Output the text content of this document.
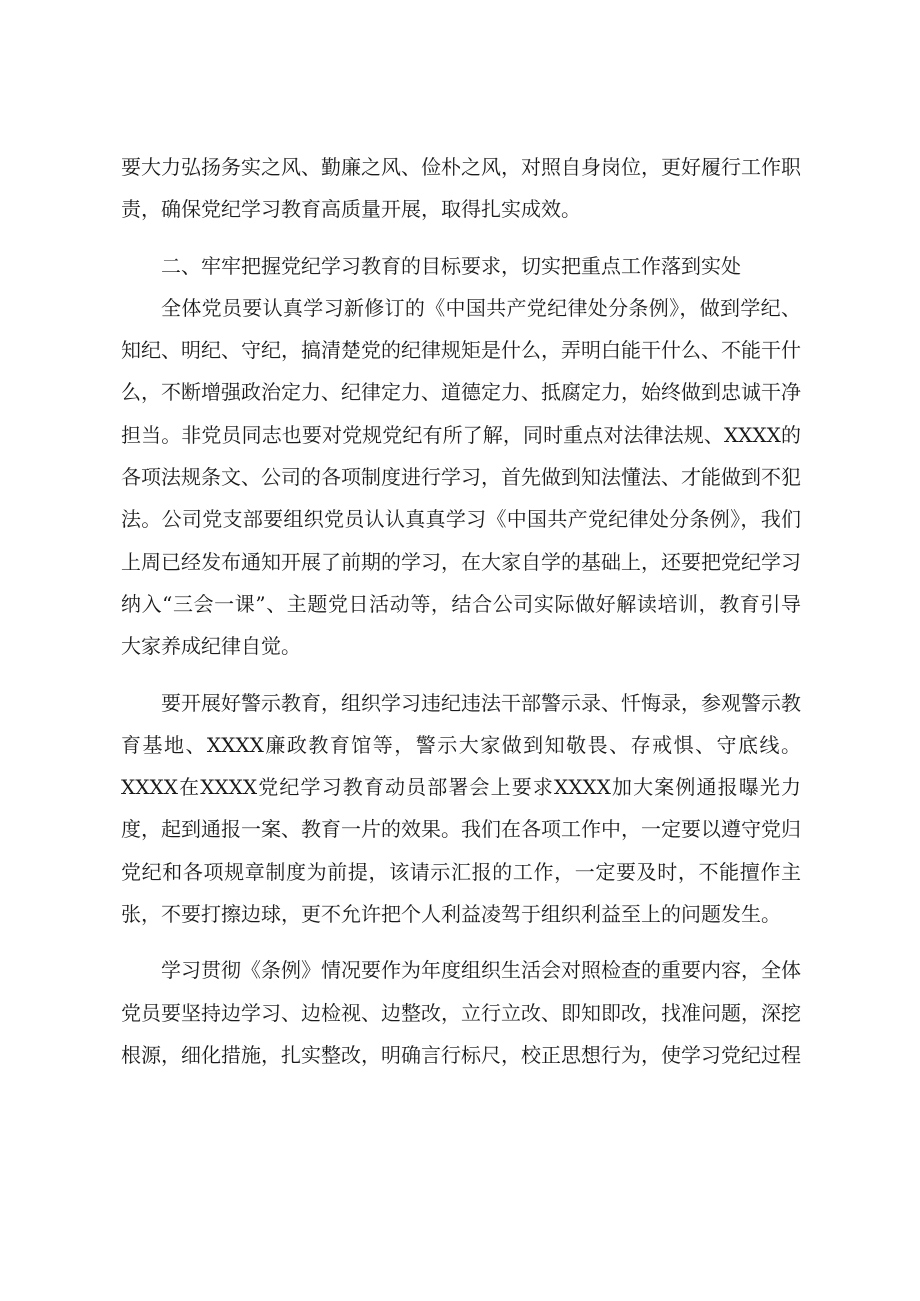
要大力弘扬务实之风、勤廉之风、俭朴之风，对照自身岗位，更好履行工作职责，确保党纪学习教育高质量开展，取得扎实成效。

二、牢牢把握党纪学习教育的目标要求，切实把重点工作落到实处

全体党员要认真学习新修订的《中国共产党纪律处分条例》，做到学纪、知纪、明纪、守纪，搞清楚党的纪律规矩是什么，弄明白能干什么、不能干什么，不断增强政治定力、纪律定力、道德定力、抵腐定力，始终做到忠诚干净担当。非党员同志也要对党规党纪有所了解，同时重点对法律法规、XXXX的各项法规条文、公司的各项制度进行学习，首先做到知法懂法、才能做到不犯法。公司党支部要组织党员认认真真学习《中国共产党纪律处分条例》，我们上周已经发布通知开展了前期的学习，在大家自学的基础上，还要把党纪学习纳入“三会一课”、主题党日活动等，结合公司实际做好解读培训，教育引导大家养成纪律自觉。

要开展好警示教育，组织学习违纪违法干部警示录、忏悔录，参观警示教育基地、XXXX廉政教育馆等，警示大家做到知敬畏、存戒惧、守底线。XXXX在XXXX党纪学习教育动员部署会上要求XXXX加大案例通报曝光力度，起到通报一案、教育一片的效果。我们在各项工作中，一定要以遵守党归党纪和各项规章制度为前提，该请示汇报的工作，一定要及时，不能擅作主张，不要打擦边球，更不允许把个人利益凌驾于组织利益至上的问题发生。

学习贯彻《条例》情况要作为年度组织生活会对照检查的重要内容，全体党员要坚持边学习、边检视、边整改，立行立改、即知即改，找准问题，深挖根源，细化措施，扎实整改，明确言行标尺，校正思想行为，使学习党纪过程
